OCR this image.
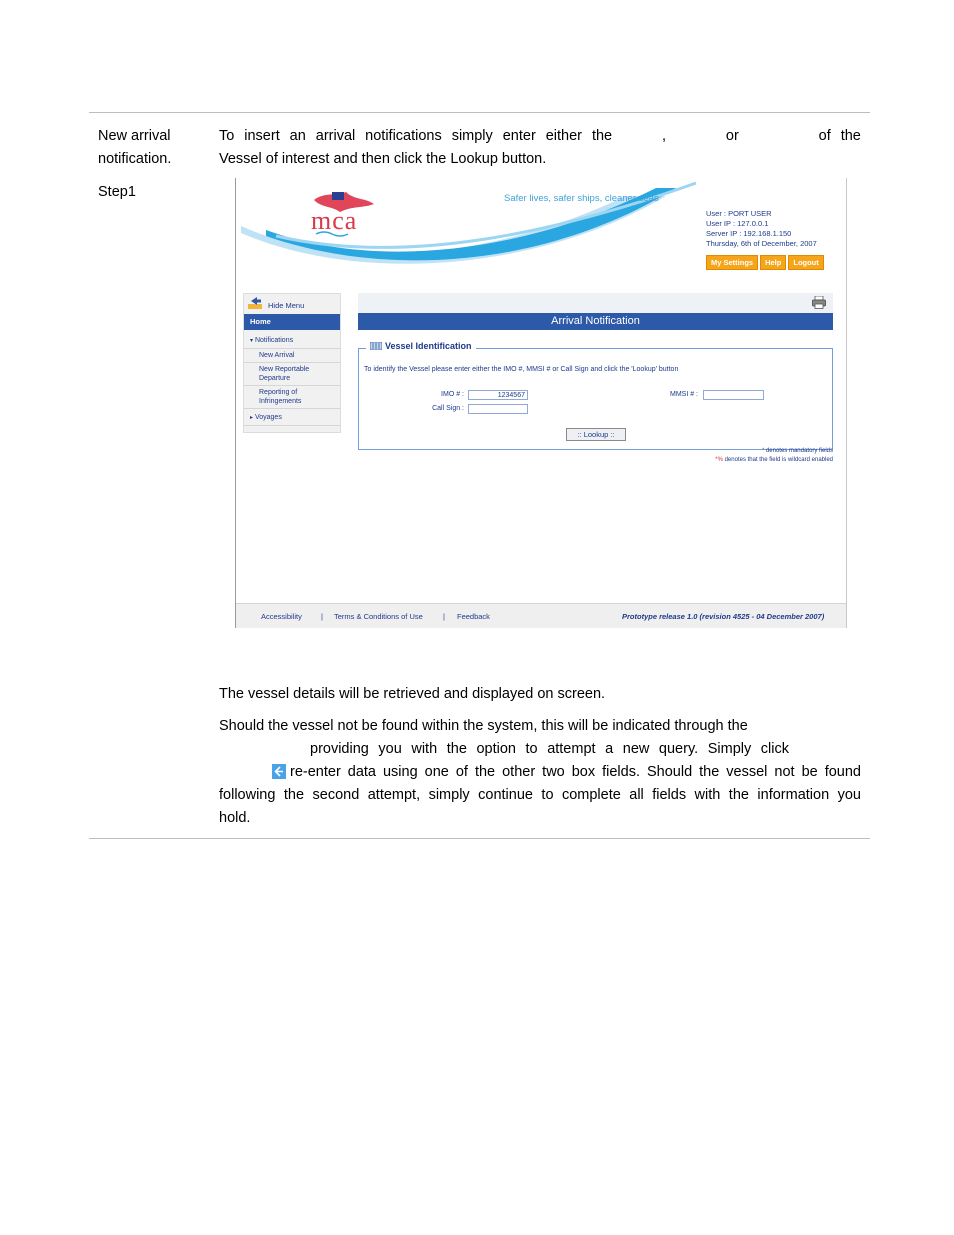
New arrival
notification.
Step1
To insert an arrival notifications simply enter either the	,	or	of the
Vessel of interest and then click the Lookup button.
Safer lives, safer ships, cleaner seas
mca	User : PORT USER
User IP : 127.0.0.1
Server IP : 192.168.1.150
Thursday, 6th of December, 2007
My Settings	Help	Logout
Hide Menu
Home
▾ Notifications
New Arrival
New Reportable
Departure
Reporting of
Infringements
▸ Voyages
Arrival Notification
Vessel Identification
To identify the Vessel please enter either the IMO #, MMSI # or Call Sign and click the 'Lookup' button
IMO # :	1234567
Call Sign :
MMSI # :
:: Lookup ::
* denotes mandatory fields
*% denotes that the field is wildcard enabled
Accessibility	| Terms & Conditions of Use	| Feedback	Prototype release 1.0 (revision 4525 - 04 December 2007)
The vessel details will be retrieved and displayed on screen.
Should the vessel not be found within the system, this will be indicated through the
providing you with the option to attempt a new query. Simply click
re-enter data using one of the other two box fields. Should the vessel not be found
following the second attempt, simply continue to complete all fields with the information you
hold.
